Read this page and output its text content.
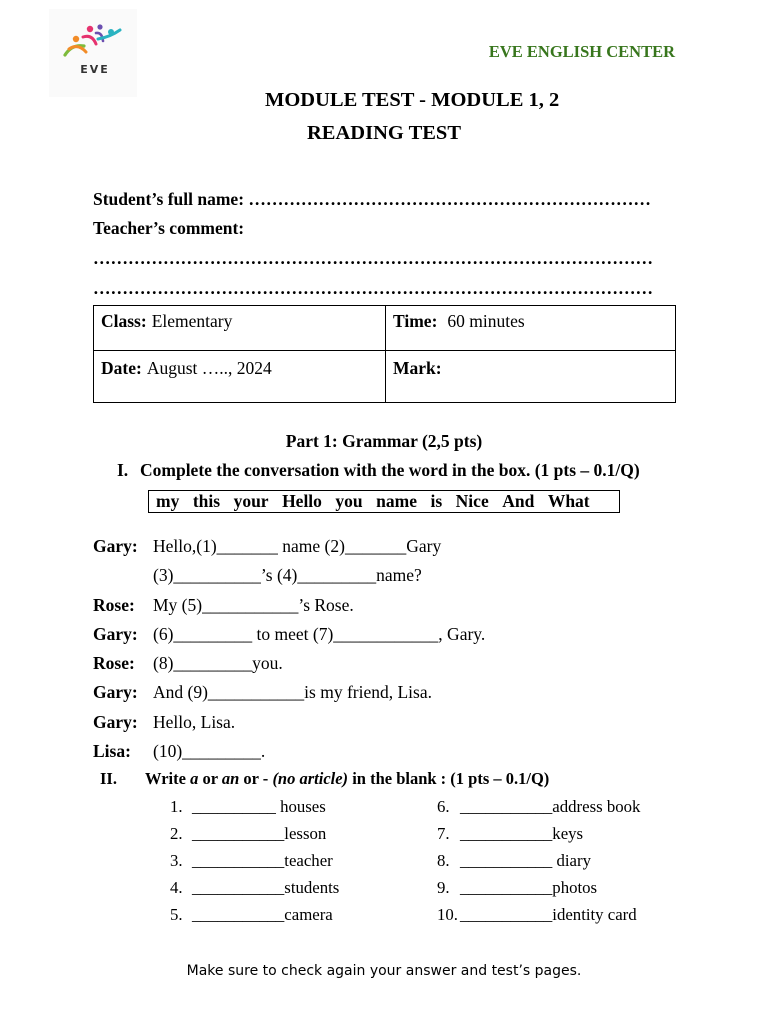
EVE
EVE ENGLISH CENTER
MODULE TEST - MODULE 1, 2
READING TEST
Student’s full name: ……………………………………………………………
Teacher’s comment:
……………………………………………………………………………………
……………………………………………………………………………………
Class: Elementary	Time: 60 minutes
Date: August ….., 2024	Mark:
Part 1: Grammar (2,5 pts)
I. Complete the conversation with the word in the box. (1 pts – 0.1/Q)
my this your Hello you name is Nice And What
Gary: Hello,(1)_______ name (2)_______Gary
(3)__________’s (4)_________name?
Rose: My (5)___________’s Rose.
Gary: (6)_________ to meet (7)____________, Gary.
Rose: (8)_________you.
Gary: And (9)___________is my friend, Lisa.
Gary: Hello, Lisa.
Lisa: (10)_________.
II. Write a or an or - (no article) in the blank : (1 pts – 0.1/Q)
1. __________ houses
2. ___________lesson
3. ___________teacher
4. ___________students
5. ___________camera
6. ___________address book
7. ___________keys
8. ___________ diary
9. ___________photos
10. ___________identity card
Make sure to check again your answer and test’s pages.
